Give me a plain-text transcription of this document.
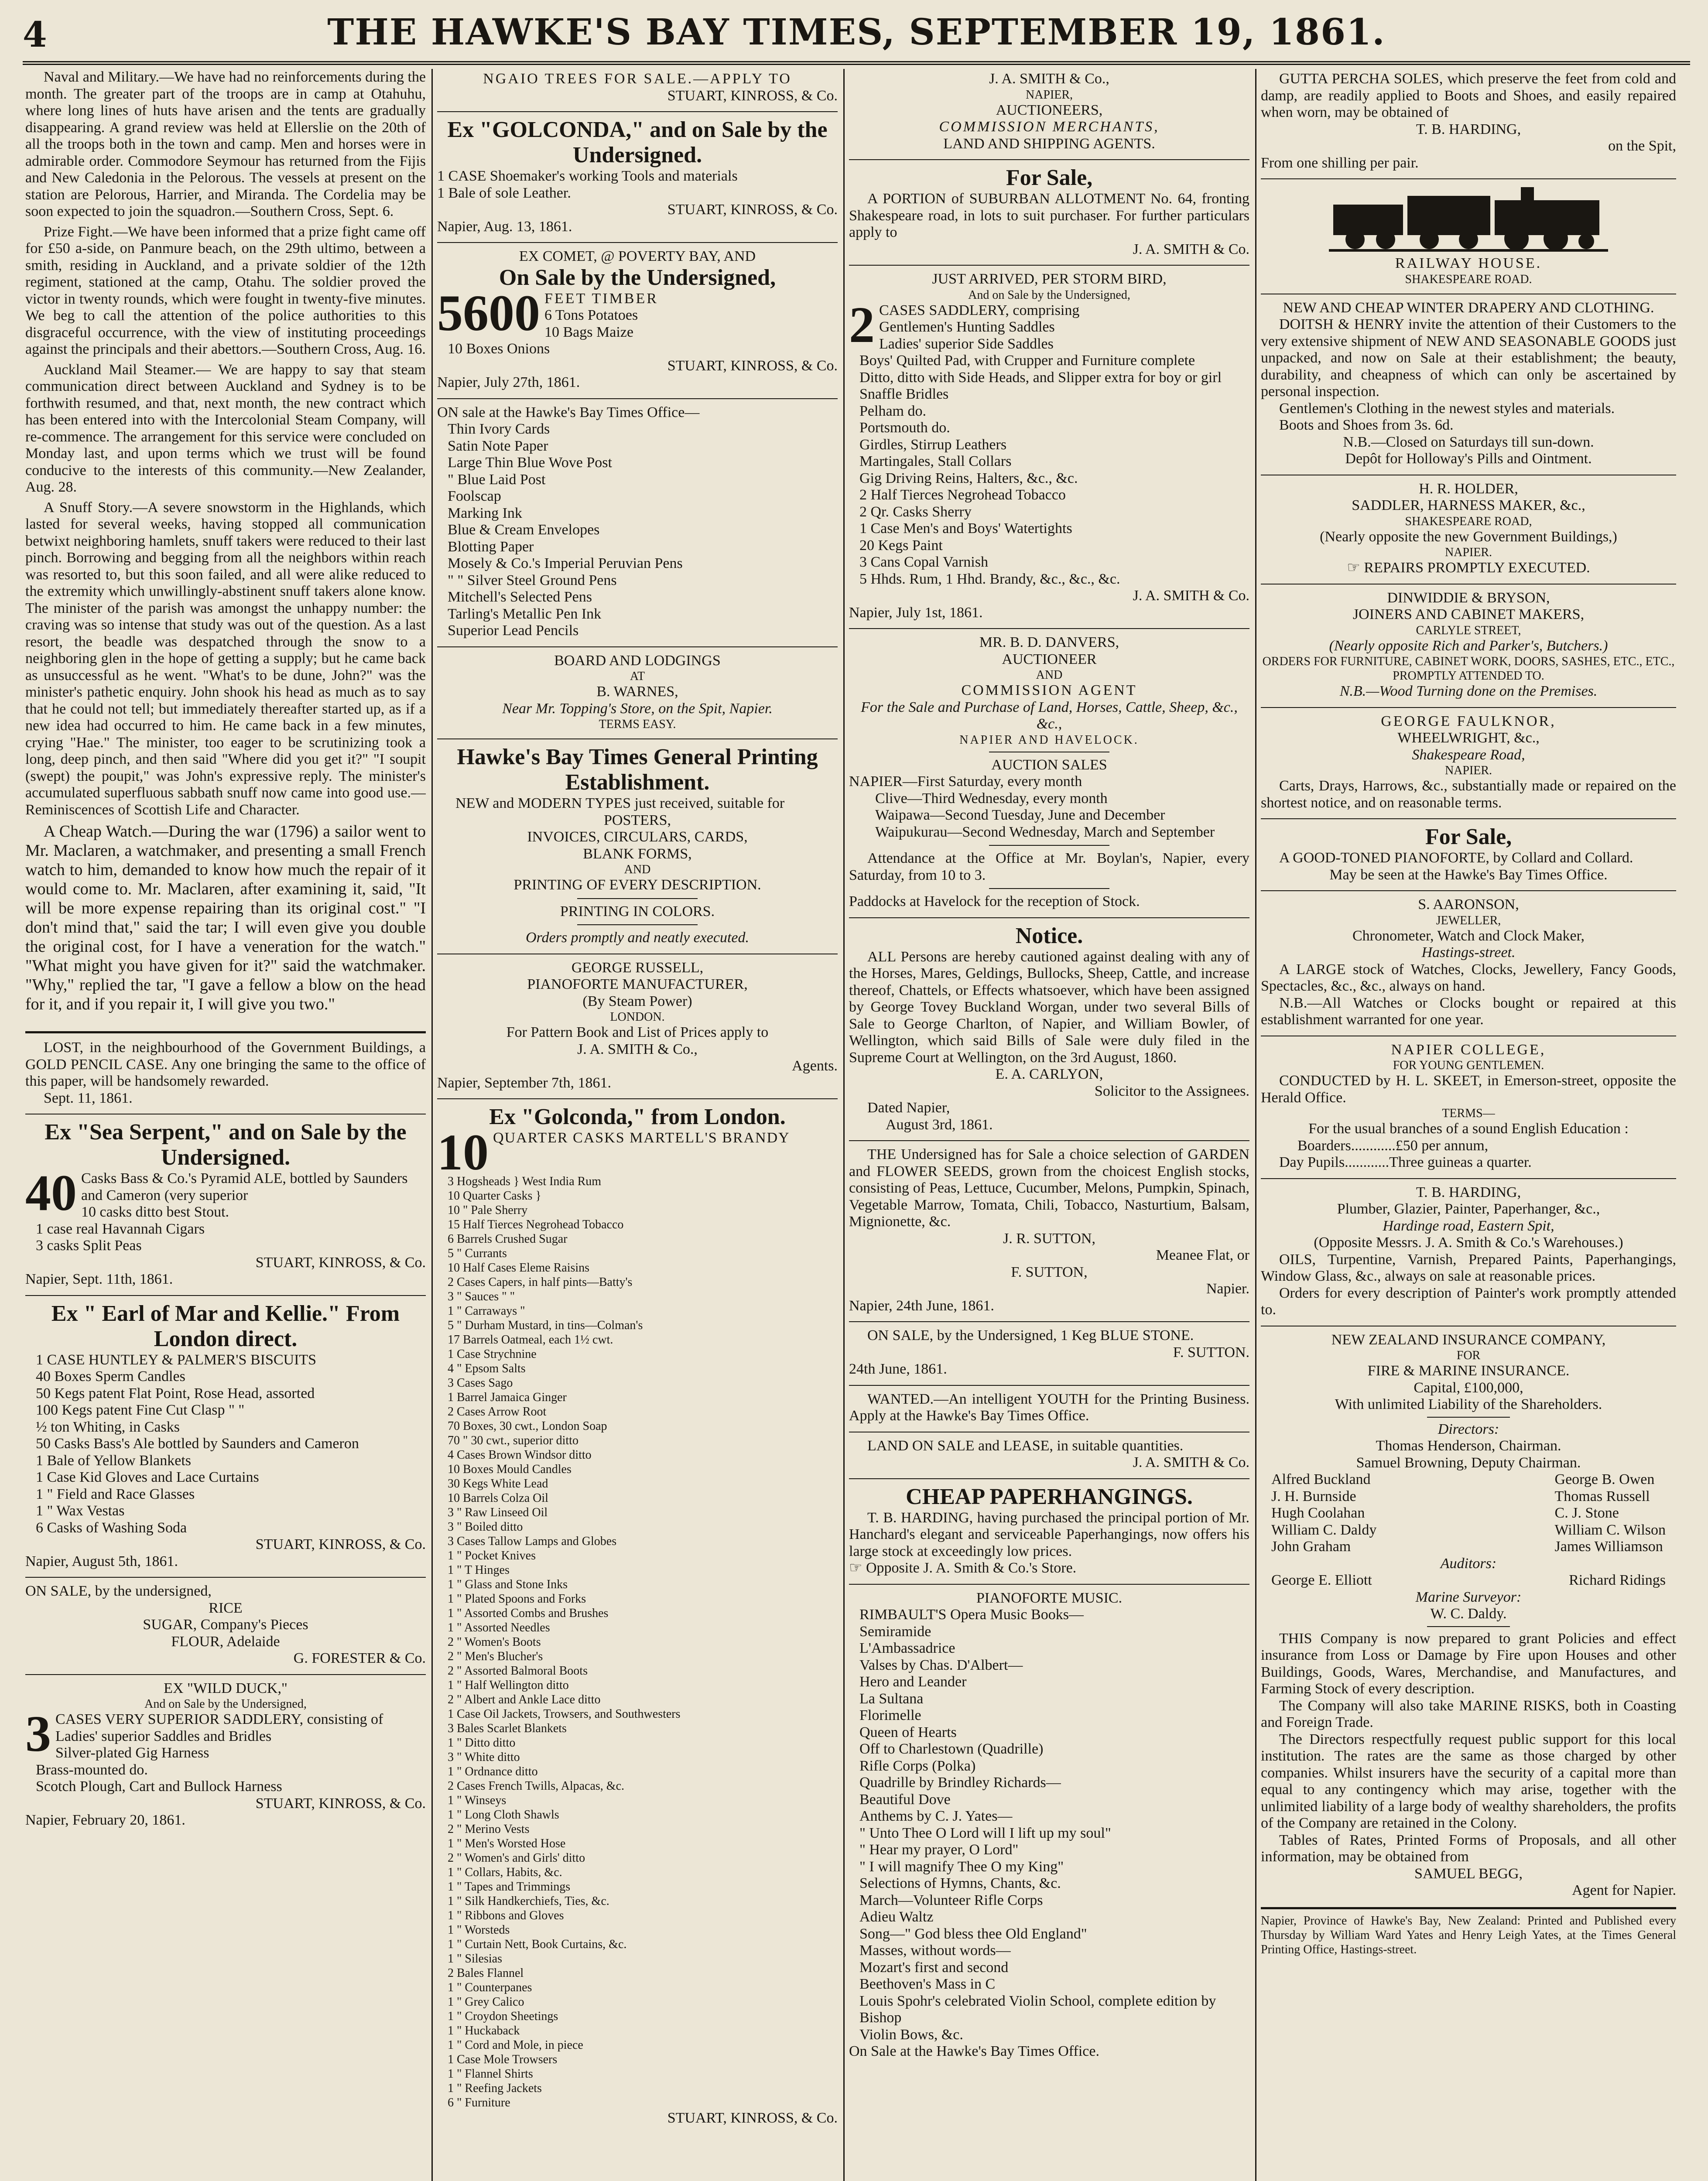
4	THE HAWKE'S BAY TIMES, SEPTEMBER 19, 1861.

Naval and Military.—We have had no reinforcements during the month. The greater part of the troops are in camp at Otahuhu, where long lines of huts have arisen and the tents are gradually disappearing. A grand review was held at Ellerslie on the 20th of all the troops both in the town and camp. Men and horses were in admirable order. Commodore Seymour has returned from the Fijis and New Caledonia in the Pelorous. The vessels at present on the station are Pelorous, Harrier, and Miranda. The Cordelia may be soon expected to join the squadron.—Southern Cross, Sept. 6.

Prize Fight.—We have been informed that a prize fight came off for £50 a-side, on Panmure beach, on the 29th ultimo, between a smith, residing in Auckland, and a private soldier of the 12th regiment, stationed at the camp, Otahu. The soldier proved the victor in twenty rounds, which were fought in twenty-five minutes. We beg to call the attention of the police authorities to this disgraceful occurrence, with the view of instituting proceedings against the principals and their abettors.—Southern Cross, Aug. 16.

Auckland Mail Steamer.— We are happy to say that steam communication direct between Auckland and Sydney is to be forthwith resumed, and that, next month, the new contract which has been entered into with the Intercolonial Steam Company, will re-commence. The arrangement for this service were concluded on Monday last, and upon terms which we trust will be found conducive to the interests of this community.—New Zealander, Aug. 28.

A Snuff Story.—A severe snowstorm in the Highlands, which lasted for several weeks, having stopped all communication betwixt neighboring hamlets, snuff takers were reduced to their last pinch. Borrowing and begging from all the neighbors within reach was resorted to, but this soon failed, and all were alike reduced to the extremity which unwillingly-abstinent snuff takers alone know. The minister of the parish was amongst the unhappy number: the craving was so intense that study was out of the question. As a last resort, the beadle was despatched through the snow to a neighboring glen in the hope of getting a supply; but he came back as unsuccessful as he went. "What's to be dune, John?" was the minister's pathetic enquiry. John shook his head as much as to say that he could not tell; but immediately thereafter started up, as if a new idea had occurred to him. He came back in a few minutes, crying "Hae." The minister, too eager to be scrutinizing took a long, deep pinch, and then said "Where did you get it?" "I soupit (swept) the poupit," was John's expressive reply. The minister's accumulated superfluous sabbath snuff now came into good use.—Reminiscences of Scottish Life and Character.

A Cheap Watch.—During the war (1796) a sailor went to Mr. Maclaren, a watchmaker, and presenting a small French watch to him, demanded to know how much the repair of it would come to. Mr. Maclaren, after examining it, said, "It will be more expense repairing than its original cost." "I don't mind that," said the tar; I will even give you double the original cost, for I have a veneration for the watch." "What might you have given for it?" said the watchmaker. "Why," replied the tar, "I gave a fellow a blow on the head for it, and if you repair it, I will give you two."

LOST, in the neighbourhood of the Government Buildings, a GOLD PENCIL CASE. Any one bringing the same to the office of this paper, will be handsomely rewarded.

Sept. 11, 1861.
Ex "Sea Serpent," and on Sale by the Undersigned.
40 Casks Bass & Co.'s Pyramid ALE, bottled by Saunders and Cameron (very superior
10 casks ditto best Stout.
1 case real Havannah Cigars
3 casks Split Peas
STUART, KINROSS, & Co.
Napier, Sept. 11th, 1861.
Ex " Earl of Mar and Kellie." From London direct.
1 CASE HUNTLEY & PALMER'S BISCUITS
40 Boxes Sperm Candles
50 Kegs patent Flat Point, Rose Head, assorted
100 Kegs patent Fine Cut Clasp " "
½ ton Whiting, in Casks
50 Casks Bass's Ale bottled by Saunders and Cameron
1 Bale of Yellow Blankets
1 Case Kid Gloves and Lace Curtains
1 " Field and Race Glasses
1 " Wax Vestas
6 Casks of Washing Soda
STUART, KINROSS, & Co.
Napier, August 5th, 1861.
ON SALE, by the undersigned,
RICE
SUGAR, Company's Pieces
FLOUR, Adelaide
G. FORESTER & Co.
EX "WILD DUCK,"
And on Sale by the Undersigned,
3 CASES VERY SUPERIOR SADDLERY, consisting of
Ladies' superior Saddles and Bridles
Silver-plated Gig Harness
Brass-mounted do.
Scotch Plough, Cart and Bullock Harness
STUART, KINROSS, & Co.
Napier, February 20, 1861.
NGAIO TREES FOR SALE.—APPLY TO
STUART, KINROSS, & Co.
Ex "GOLCONDA," and on Sale by the Undersigned.
1 CASE Shoemaker's working Tools and materials
1 Bale of sole Leather.
STUART, KINROSS, & Co.
Napier, Aug. 13, 1861.
EX COMET, @ POVERTY BAY, AND
On Sale by the Undersigned,
5600 FEET TIMBER
6 Tons Potatoes
10 Bags Maize
10 Boxes Onions
STUART, KINROSS, & Co.
Napier, July 27th, 1861.
ON sale at the Hawke's Bay Times Office—
Thin Ivory Cards
Satin Note Paper
Large Thin Blue Wove Post
" Blue Laid Post
Foolscap
Marking Ink
Blue & Cream Envelopes
Blotting Paper
Mosely & Co.'s Imperial Peruvian Pens
" " Silver Steel Ground Pens
Mitchell's Selected Pens
Tarling's Metallic Pen Ink
Superior Lead Pencils
BOARD AND LODGINGS
AT
B. WARNES,
Near Mr. Topping's Store, on the Spit, Napier.
TERMS EASY.
Hawke's Bay Times General Printing Establishment.

NEW and MODERN TYPES just received, suitable for

POSTERS,
INVOICES, CIRCULARS, CARDS,
BLANK FORMS,
AND
PRINTING OF EVERY DESCRIPTION.
PRINTING IN COLORS.
Orders promptly and neatly executed.
GEORGE RUSSELL,
PIANOFORTE MANUFACTURER,
(By Steam Power)
LONDON.
For Pattern Book and List of Prices apply to
J. A. SMITH & Co.,
Agents.
Napier, September 7th, 1861.
Ex "Golconda," from London.
10 QUARTER CASKS MARTELL'S BRANDY
3 Hogsheads } West India Rum
10 Quarter Casks }
10 " Pale Sherry
15 Half Tierces Negrohead Tobacco
6 Barrels Crushed Sugar
5 " Currants
10 Half Cases Eleme Raisins
2 Cases Capers, in half pints—Batty's
3 " Sauces " "
1 " Carraways "
5 " Durham Mustard, in tins—Colman's
17 Barrels Oatmeal, each 1½ cwt.
1 Case Strychnine
4 " Epsom Salts
3 Cases Sago
1 Barrel Jamaica Ginger
2 Cases Arrow Root
70 Boxes, 30 cwt., London Soap
70 " 30 cwt., superior ditto
4 Cases Brown Windsor ditto
10 Boxes Mould Candles
30 Kegs White Lead
10 Barrels Colza Oil
3 " Raw Linseed Oil
3 " Boiled ditto
3 Cases Tallow Lamps and Globes
1 " Pocket Knives
1 " T Hinges
1 " Glass and Stone Inks
1 " Plated Spoons and Forks
1 " Assorted Combs and Brushes
1 " Assorted Needles
2 " Women's Boots
2 " Men's Blucher's
2 " Assorted Balmoral Boots
1 " Half Wellington ditto
2 " Albert and Ankle Lace ditto
1 Case Oil Jackets, Trowsers, and Southwesters
3 Bales Scarlet Blankets
1 " Ditto ditto
3 " White ditto
1 " Ordnance ditto
2 Cases French Twills, Alpacas, &c.
1 " Winseys
1 " Long Cloth Shawls
2 " Merino Vests
1 " Men's Worsted Hose
2 " Women's and Girls' ditto
1 " Collars, Habits, &c.
1 " Tapes and Trimmings
1 " Silk Handkerchiefs, Ties, &c.
1 " Ribbons and Gloves
1 " Worsteds
1 " Curtain Nett, Book Curtains, &c.
1 " Silesias
2 Bales Flannel
1 " Counterpanes
1 " Grey Calico
1 " Croydon Sheetings
1 " Huckaback
1 " Cord and Mole, in piece
1 Case Mole Trowsers
1 " Flannel Shirts
1 " Reefing Jackets
6 " Furniture
STUART, KINROSS, & Co.
J. A. SMITH & Co.,
NAPIER,
AUCTIONEERS,
COMMISSION MERCHANTS,
LAND AND SHIPPING AGENTS.
For Sale,

A PORTION of SUBURBAN ALLOTMENT No. 64, fronting Shakespeare road, in lots to suit purchaser. For further particulars apply to

J. A. SMITH & Co.
JUST ARRIVED, PER STORM BIRD,
And on Sale by the Undersigned,
2 CASES SADDLERY, comprising
Gentlemen's Hunting Saddles
Ladies' superior Side Saddles
Boys' Quilted Pad, with Crupper and Furniture complete
Ditto, ditto with Side Heads, and Slipper extra for boy or girl
Snaffle Bridles
Pelham do.
Portsmouth do.
Girdles, Stirrup Leathers
Martingales, Stall Collars
Gig Driving Reins, Halters, &c., &c.
2 Half Tierces Negrohead Tobacco
2 Qr. Casks Sherry
1 Case Men's and Boys' Watertights
20 Kegs Paint
3 Cans Copal Varnish
5 Hhds. Rum, 1 Hhd. Brandy, &c., &c., &c.
J. A. SMITH & Co.
Napier, July 1st, 1861.
MR. B. D. DANVERS,
AUCTIONEER
AND
COMMISSION AGENT
For the Sale and Purchase of Land, Horses, Cattle, Sheep, &c., &c.,
NAPIER AND HAVELOCK.
AUCTION SALES
NAPIER—First Saturday, every month
Clive—Third Wednesday, every month
Waipawa—Second Tuesday, June and December
Waipukurau—Second Wednesday, March and September

Attendance at the Office at Mr. Boylan's, Napier, every Saturday, from 10 to 3.

Paddocks at Havelock for the reception of Stock.
Notice.

ALL Persons are hereby cautioned against dealing with any of the Horses, Mares, Geldings, Bullocks, Sheep, Cattle, and increase thereof, Chattels, or Effects whatsoever, which have been assigned by George Tovey Buckland Worgan, under two several Bills of Sale to George Charlton, of Napier, and William Bowler, of Wellington, which said Bills of Sale were duly filed in the Supreme Court at Wellington, on the 3rd August, 1860.

E. A. CARLYON,
Solicitor to the Assignees.
Dated Napier,
August 3rd, 1861.

THE Undersigned has for Sale a choice selection of GARDEN and FLOWER SEEDS, grown from the choicest English stocks, consisting of Peas, Lettuce, Cucumber, Melons, Pumpkin, Spinach, Vegetable Marrow, Tomata, Chili, Tobacco, Nasturtium, Balsam, Mignionette, &c.

J. R. SUTTON,
Meanee Flat, or
F. SUTTON,
Napier.
Napier, 24th June, 1861.

ON SALE, by the Undersigned, 1 Keg BLUE STONE.

F. SUTTON.
24th June, 1861.

WANTED.—An intelligent YOUTH for the Printing Business. Apply at the Hawke's Bay Times Office.

LAND ON SALE and LEASE, in suitable quantities.

J. A. SMITH & Co.
CHEAP PAPERHANGINGS.

T. B. HARDING, having purchased the principal portion of Mr. Hanchard's elegant and serviceable Paperhangings, now offers his large stock at exceedingly low prices.

☞ Opposite J. A. Smith & Co.'s Store.
PIANOFORTE MUSIC.
RIMBAULT'S Opera Music Books—
Semiramide
L'Ambassadrice
Valses by Chas. D'Albert—
Hero and Leander
La Sultana
Florimelle
Queen of Hearts
Off to Charlestown (Quadrille)
Rifle Corps (Polka)
Quadrille by Brindley Richards—
Beautiful Dove
Anthems by C. J. Yates—
" Unto Thee O Lord will I lift up my soul"
" Hear my prayer, O Lord"
" I will magnify Thee O my King"
Selections of Hymns, Chants, &c.
March—Volunteer Rifle Corps
Adieu Waltz
Song—" God bless thee Old England"
Masses, without words—
Mozart's first and second
Beethoven's Mass in C
Louis Spohr's celebrated Violin School, complete edition by Bishop
Violin Bows, &c.
On Sale at the Hawke's Bay Times Office.

GUTTA PERCHA SOLES, which preserve the feet from cold and damp, are readily applied to Boots and Shoes, and easily repaired when worn, may be obtained of

T. B. HARDING,
on the Spit,
From one shilling per pair.
RAILWAY HOUSE.
SHAKESPEARE ROAD.
NEW AND CHEAP WINTER DRAPERY AND CLOTHING.

DOITSH & HENRY invite the attention of their Customers to the very extensive shipment of NEW AND SEASONABLE GOODS just unpacked, and now on Sale at their establishment; the beauty, durability, and cheapness of which can only be ascertained by personal inspection.

Gentlemen's Clothing in the newest styles and materials.

Boots and Shoes from 3s. 6d.

N.B.—Closed on Saturdays till sun-down.
Depôt for Holloway's Pills and Ointment.
H. R. HOLDER,
SADDLER, HARNESS MAKER, &c.,
SHAKESPEARE ROAD,
(Nearly opposite the new Government Buildings,)
NAPIER.
☞ REPAIRS PROMPTLY EXECUTED.
DINWIDDIE & BRYSON,
JOINERS AND CABINET MAKERS,
CARLYLE STREET,
(Nearly opposite Rich and Parker's, Butchers.)
ORDERS FOR FURNITURE, CABINET WORK, DOORS, SASHES, ETC., ETC., PROMPTLY ATTENDED TO.
N.B.—Wood Turning done on the Premises.
GEORGE FAULKNOR,
WHEELWRIGHT, &c.,
Shakespeare Road,
NAPIER.

Carts, Drays, Harrows, &c., substantially made or repaired on the shortest notice, and on reasonable terms.

For Sale,

A GOOD-TONED PIANOFORTE, by Collard and Collard.

May be seen at the Hawke's Bay Times Office.
S. AARONSON,
JEWELLER,
Chronometer, Watch and Clock Maker,
Hastings-street.

A LARGE stock of Watches, Clocks, Jewellery, Fancy Goods, Spectacles, &c., &c., always on hand.

N.B.—All Watches or Clocks bought or repaired at this establishment warranted for one year.

NAPIER COLLEGE,
FOR YOUNG GENTLEMEN.

CONDUCTED by H. L. SKEET, in Emerson-street, opposite the Herald Office.

TERMS—
For the usual branches of a sound English Education :
Boarders............£50 per annum,
Day Pupils............Three guineas a quarter.
T. B. HARDING,
Plumber, Glazier, Painter, Paperhanger, &c.,
Hardinge road, Eastern Spit,
(Opposite Messrs. J. A. Smith & Co.'s Warehouses.)

OILS, Turpentine, Varnish, Prepared Paints, Paperhangings, Window Glass, &c., always on sale at reasonable prices.

Orders for every description of Painter's work promptly attended to.

NEW ZEALAND INSURANCE COMPANY,
FOR
FIRE & MARINE INSURANCE.
Capital, £100,000,
With unlimited Liability of the Shareholders.
Directors:
Thomas Henderson, Chairman.
Samuel Browning, Deputy Chairman.
Alfred Buckland
J. H. Burnside
Hugh Coolahan
William C. Daldy
John Graham
George B. Owen
Thomas Russell
C. J. Stone
William C. Wilson
James Williamson
Auditors:
George E. Elliott	Richard Ridings
Marine Surveyor:
W. C. Daldy.

THIS Company is now prepared to grant Policies and effect insurance from Loss or Damage by Fire upon Houses and other Buildings, Goods, Wares, Merchandise, and Manufactures, and Farming Stock of every description.

The Company will also take MARINE RISKS, both in Coasting and Foreign Trade.

The Directors respectfully request public support for this local institution. The rates are the same as those charged by other companies. Whilst insurers have the security of a capital more than equal to any contingency which may arise, together with the unlimited liability of a large body of wealthy shareholders, the profits of the Company are retained in the Colony.

Tables of Rates, Printed Forms of Proposals, and all other information, may be obtained from

SAMUEL BEGG,
Agent for Napier.
Napier, Province of Hawke's Bay, New Zealand: Printed and Published every Thursday by William Ward Yates and Henry Leigh Yates, at the Times General Printing Office, Hastings-street.
